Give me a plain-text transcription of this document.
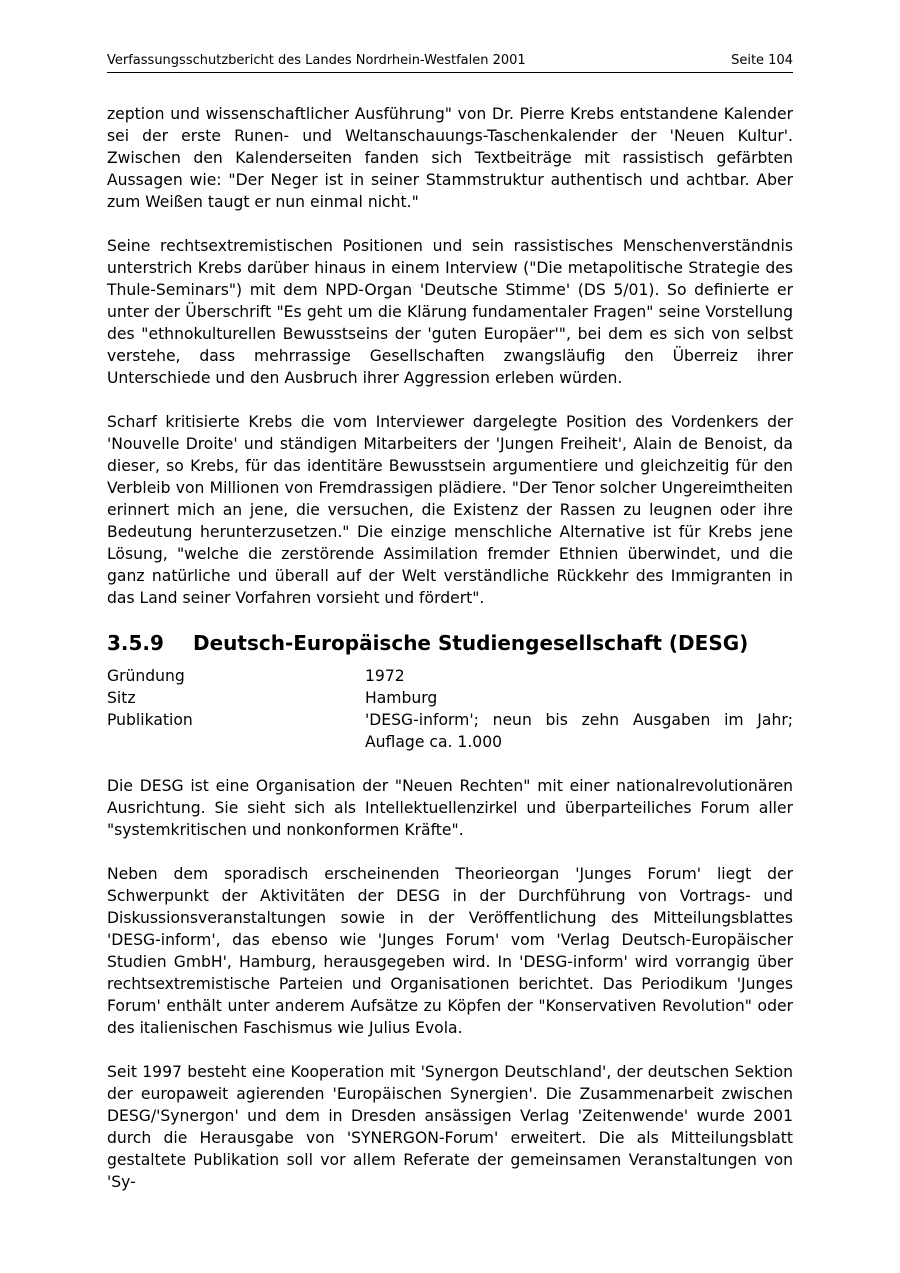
Verfassungsschutzbericht des Landes Nordrhein-Westfalen 2001	Seite 104

zeption und wissenschaftlicher Ausführung" von Dr. Pierre Krebs entstandene Kalender sei der erste Runen- und Weltanschauungs-Taschenkalender der 'Neuen Kultur'. Zwischen den Kalenderseiten fanden sich Textbeiträge mit rassistisch gefärbten Aussagen wie: "Der Neger ist in seiner Stammstruktur authentisch und achtbar. Aber zum Weißen taugt er nun einmal nicht."

Seine rechtsextremistischen Positionen und sein rassistisches Menschenverständnis unterstrich Krebs darüber hinaus in einem Interview ("Die metapolitische Strategie des Thule-Seminars") mit dem NPD-Organ 'Deutsche Stimme' (DS 5/01). So definierte er unter der Überschrift "Es geht um die Klärung fundamentaler Fragen" seine Vorstellung des "ethnokulturellen Bewusstseins der 'guten Europäer'", bei dem es sich von selbst verstehe, dass mehrrassige Gesellschaften zwangsläufig den Überreiz ihrer Unterschiede und den Ausbruch ihrer Aggression erleben würden.

Scharf kritisierte Krebs die vom Interviewer dargelegte Position des Vordenkers der 'Nouvelle Droite' und ständigen Mitarbeiters der 'Jungen Freiheit', Alain de Benoist, da dieser, so Krebs, für das identitäre Bewusstsein argumentiere und gleichzeitig für den Verbleib von Millionen von Fremdrassigen plädiere. "Der Tenor solcher Ungereimtheiten erinnert mich an jene, die versuchen, die Existenz der Rassen zu leugnen oder ihre Bedeutung herunterzusetzen." Die einzige menschliche Alternative ist für Krebs jene Lösung, "welche die zerstörende Assimilation fremder Ethnien überwindet, und die ganz natürliche und überall auf der Welt verständliche Rückkehr des Immigranten in das Land seiner Vorfahren vorsieht und fördert".

3.5.9 Deutsch-Europäische Studiengesellschaft (DESG)
Gründung	1972
Sitz	Hamburg
Publikation	'DESG-inform'; neun bis zehn Ausgaben im Jahr; Auflage ca. 1.000

Die DESG ist eine Organisation der "Neuen Rechten" mit einer nationalrevolutionären Ausrichtung. Sie sieht sich als Intellektuellenzirkel und überparteiliches Forum aller "systemkritischen und nonkonformen Kräfte".

Neben dem sporadisch erscheinenden Theorieorgan 'Junges Forum' liegt der Schwerpunkt der Aktivitäten der DESG in der Durchführung von Vortrags- und Diskussionsveranstaltungen sowie in der Veröffentlichung des Mitteilungsblattes 'DESG-inform', das ebenso wie 'Junges Forum' vom 'Verlag Deutsch-Europäischer Studien GmbH', Hamburg, herausgegeben wird. In 'DESG-inform' wird vorrangig über rechtsextremistische Parteien und Organisationen berichtet. Das Periodikum 'Junges Forum' enthält unter anderem Aufsätze zu Köpfen der "Konservativen Revolution" oder des italienischen Faschismus wie Julius Evola.

Seit 1997 besteht eine Kooperation mit 'Synergon Deutschland', der deutschen Sektion der europaweit agierenden 'Europäischen Synergien'. Die Zusammenarbeit zwischen DESG/'Synergon' und dem in Dresden ansässigen Verlag 'Zeitenwende' wurde 2001 durch die Herausgabe von 'SYNERGON-Forum' erweitert. Die als Mitteilungsblatt gestaltete Publikation soll vor allem Referate der gemeinsamen Veranstaltungen von 'Sy-
